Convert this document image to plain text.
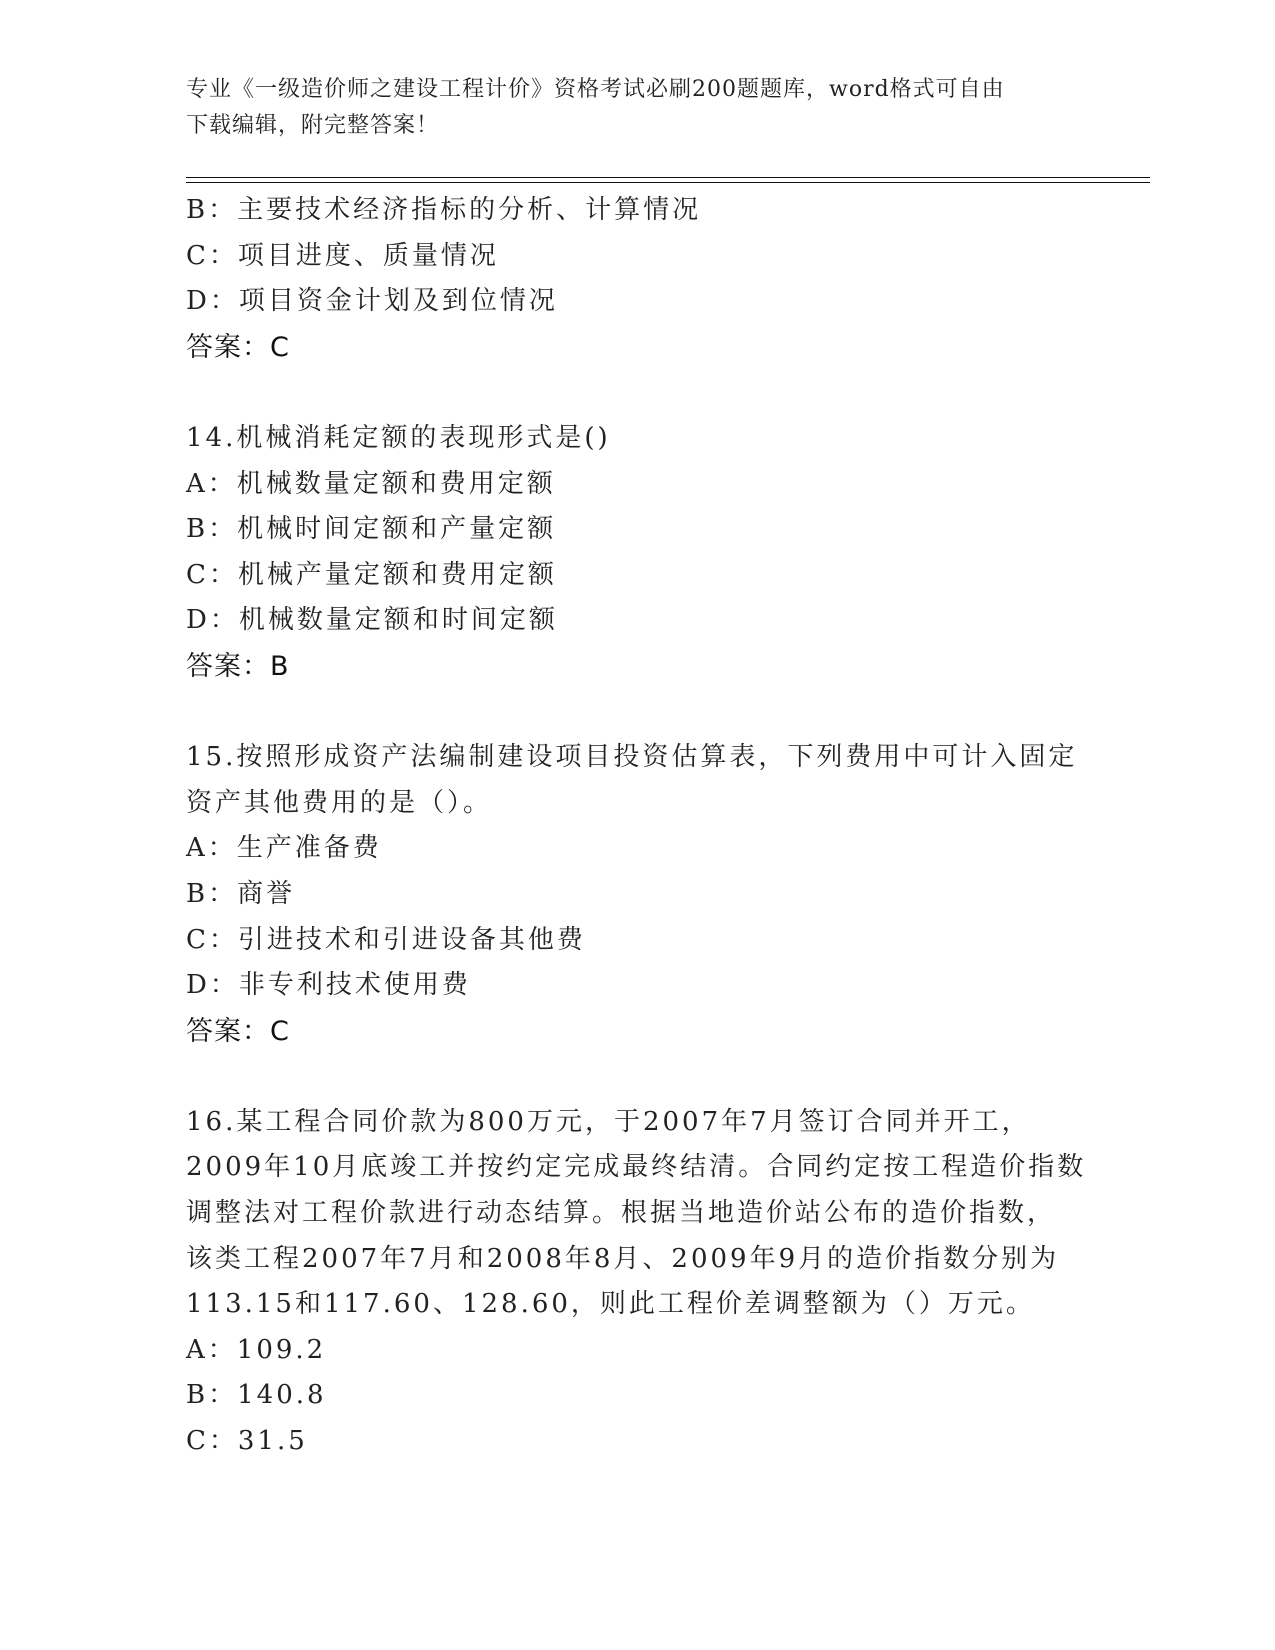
专业《一级造价师之建设工程计价》资格考试必刷200题题库，word格式可自由
下载编辑，附完整答案！
B：主要技术经济指标的分析、计算情况
C：项目进度、质量情况
D：项目资金计划及到位情况
答案：C
14.机械消耗定额的表现形式是()
A：机械数量定额和费用定额
B：机械时间定额和产量定额
C：机械产量定额和费用定额
D：机械数量定额和时间定额
答案：B
15.按照形成资产法编制建设项目投资估算表，下列费用中可计入固定
资产其他费用的是（）。
A：生产准备费
B：商誉
C：引进技术和引进设备其他费
D：非专利技术使用费
答案：C
16.某工程合同价款为800万元，于2007年7月签订合同并开工，
2009年10月底竣工并按约定完成最终结清。合同约定按工程造价指数
调整法对工程价款进行动态结算。根据当地造价站公布的造价指数，
该类工程2007年7月和2008年8月、2009年9月的造价指数分别为
113.15和117.60、128.60，则此工程价差调整额为（）万元。
A：109.2
B：140.8
C：31.5
